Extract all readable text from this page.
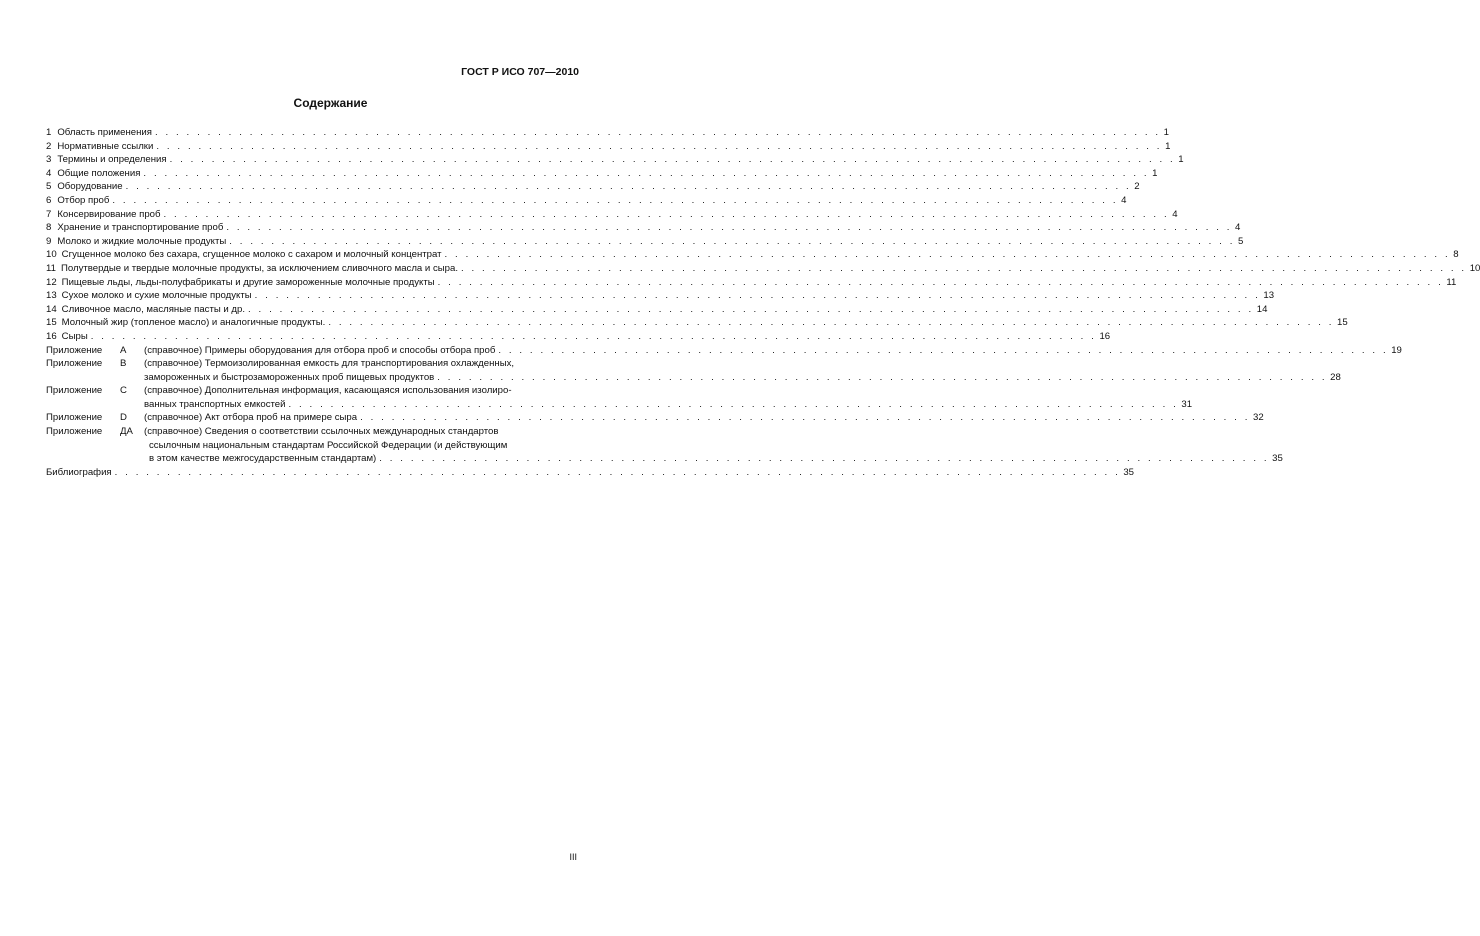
ГОСТ Р ИСО 707—2010
Содержание
1 Область применения . . .	1
2 Нормативные ссылки . . .	1
3 Термины и определения . . .	1
4 Общие положения . . .	1
5 Оборудование . . .	2
6 Отбор проб . . .	4
7 Консервирование проб . . .	4
8 Хранение и транспортирование проб . . .	4
9 Молоко и жидкие молочные продукты . . .	5
10 Сгущенное молоко без сахара, сгущенное молоко с сахаром и молочный концентрат . . .	8
11 Полутвердые и твердые молочные продукты, за исключением сливочного масла и сыра. . . .	10
12 Пищевые льды, льды-полуфабрикаты и другие замороженные молочные продукты . . .	11
13 Сухое молоко и сухие молочные продукты . . .	13
14 Сливочное масло, масляные пасты и др. . . .	14
15 Молочный жир (топленое масло) и аналогичные продукты. . . .	15
16 Сыры . . .	16
Приложение	А	(справочное) Примеры оборудования для отбора проб и способы отбора проб . . .	19
Приложение	В	(справочное) Термоизолированная емкость для транспортирования охлажденных,
замороженных и быстрозамороженных проб пищевых продуктов . . .	28
Приложение	С	(справочное) Дополнительная информация, касающаяся использования изолиро-
ванных транспортных емкостей . . .	31
Приложение	D	(справочное) Акт отбора проб на примере сыра . . .	32
Приложение	ДА	(справочное) Сведения о соответствии ссылочных международных стандартов
ссылочным национальным стандартам Российской Федерации (и действующим
в этом качестве межгосударственным стандартам) . . .	35
Библиография . . .	35
III
